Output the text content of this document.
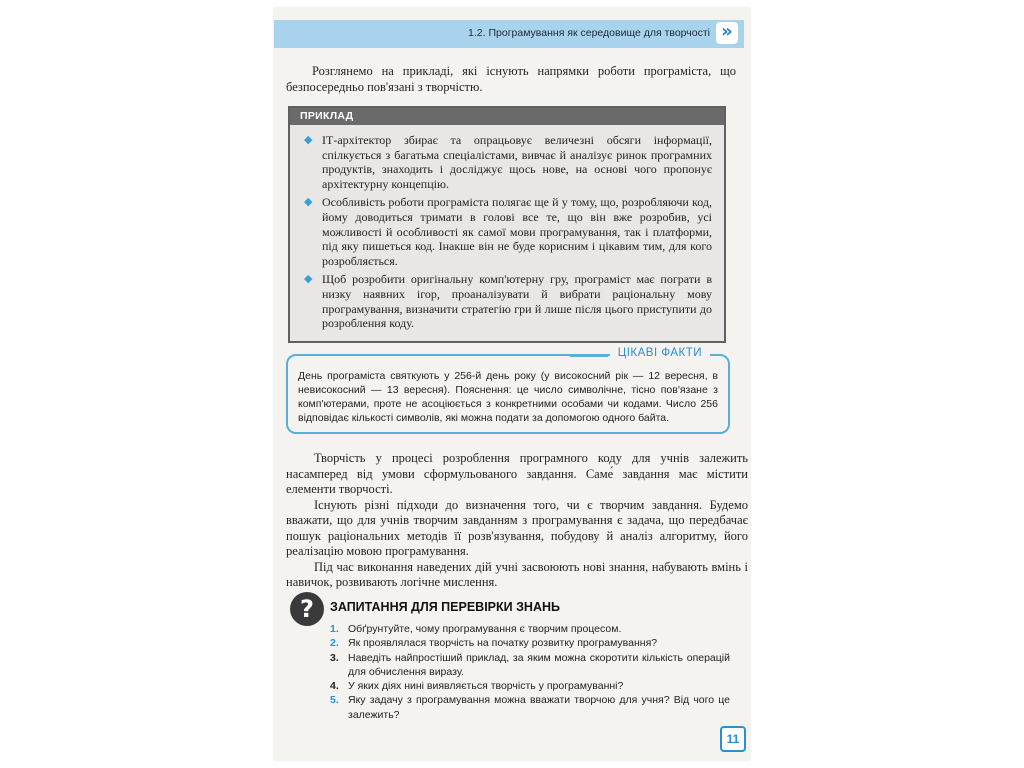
1.2. Програмування як середовище для творчості »
Розглянемо на прикладі, які існують напрямки роботи програміста, що безпосередньо пов'язані з творчістю.
ПРИКЛАД
◆ ІТ-архітектор збирає та опрацьовує величезні обсяги інформації, спілкується з багатьма спеціалістами, вивчає й аналізує ринок програмних продуктів, знаходить і досліджує щось нове, на основі чого пропонує архітектурну концепцію.
◆ Особливість роботи програміста полягає ще й у тому, що, розробляючи код, йому доводиться тримати в голові все те, що він вже розробив, усі можливості й особливості як самої мови програмування, так і платформи, під яку пишеться код. Інакше він не буде корисним і цікавим тим, для кого розробляється.
◆ Щоб розробити оригінальну комп'ютерну гру, програміст має пограти в низку наявних ігор, проаналізувати й вибрати раціональну мову програмування, визначити стратегію гри й лише після цього приступити до розроблення коду.
ЦІКАВІ ФАКТИ
День програміста святкують у 256-й день року (у високосний рік — 12 вересня, в невисокосний — 13 вересня). Пояснення: це число символічне, тісно пов'язане з комп'ютерами, проте не асоціюється з конкретними особами чи кодами. Число 256 відповідає кількості символів, які можна подати за допомогою одного байта.

Творчість у процесі розроблення програмного коду для учнів залежить насамперед від умови сформульованого завдання. Саме́ завдання має містити елементи творчості.

Існують різні підходи до визначення того, чи є творчим завдання. Будемо вважати, що для учнів творчим завданням з програмування є задача, що передбачає пошук раціональних методів її розв'язування, побудову й аналіз алгоритму, його реалізацію мовою програмування.

Під час виконання наведених дій учні засвоюють нові знання, набувають вмінь і навичок, розвивають логічне мислення.

?	ЗАПИТАННЯ ДЛЯ ПЕРЕВІРКИ ЗНАНЬ
1. Обґрунтуйте, чому програмування є творчим процесом.
2. Як проявлялася творчість на початку розвитку програмування?
3. Наведіть найпростіший приклад, за яким можна скоротити кількість операцій для обчислення виразу.
4. У яких діях нині виявляється творчість у програмуванні?
5. Яку задачу з програмування можна вважати творчою для учня? Від чого це залежить?
11
